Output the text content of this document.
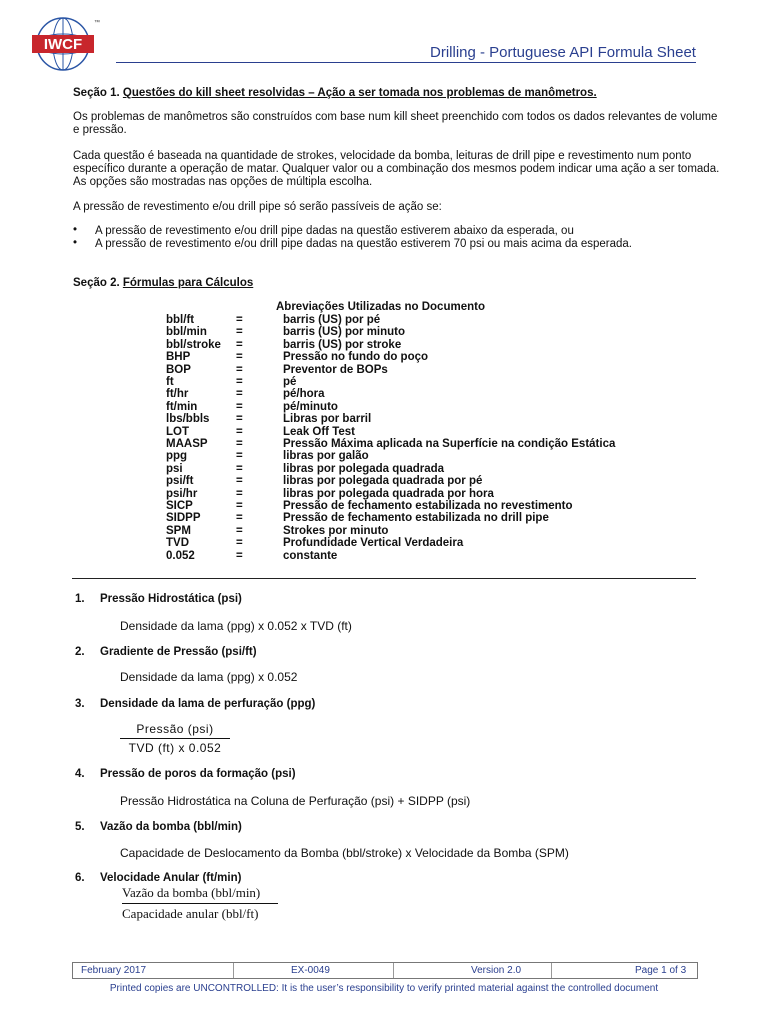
IWCF
™
Drilling - Portuguese API Formula Sheet
Seção 1. Questões do kill sheet resolvidas – Ação a ser tomada nos problemas de manômetros.
Os problemas de manômetros são construídos com base num kill sheet preenchido com todos os dados relevantes de volume e pressão.
Cada questão é baseada na quantidade de strokes, velocidade da bomba, leituras de drill pipe e revestimento num ponto específico durante a operação de matar. Qualquer valor ou a combinação dos mesmos podem indicar uma ação a ser tomada. As opções são mostradas nas opções de múltipla escolha.
A pressão de revestimento e/ou drill pipe só serão passíveis de ação se:
• A pressão de revestimento e/ou drill pipe dadas na questão estiverem abaixo da esperada, ou
• A pressão de revestimento e/ou drill pipe dadas na questão estiverem 70 psi ou mais acima da esperada.
Seção 2. Fórmulas para Cálculos
Abreviações Utilizadas no Documento
bbl/ft	=	barris (US) por pé
bbl/min	=	barris (US) por minuto
bbl/stroke =	barris (US) por stroke
BHP	=	Pressão no fundo do poço
BOP	=	Preventor de BOPs
ft	=	pé
ft/hr	=	pé/hora
ft/min	=	pé/minuto
lbs/bbls =	Libras por barril
LOT	=	Leak Off Test
MAASP =	Pressão Máxima aplicada na Superfície na condição Estática
ppg	=	libras por galão
psi	=	libras por polegada quadrada
psi/ft	=	libras por polegada quadrada por pé
psi/hr	=	libras por polegada quadrada por hora
SICP	=	Pressão de fechamento estabilizada no revestimento
SIDPP	=	Pressão de fechamento estabilizada no drill pipe
SPM	=	Strokes por minuto
TVD	=	Profundidade Vertical Verdadeira
0.052	=	constante
1. Pressão Hidrostática (psi)
Densidade da lama (ppg) x 0.052 x TVD (ft)
2. Gradiente de Pressão (psi/ft)
Densidade da lama (ppg) x 0.052
3. Densidade da lama de perfuração (ppg)
Pressão (psi)
TVD (ft) x 0.052
4. Pressão de poros da formação (psi)
Pressão Hidrostática na Coluna de Perfuração (psi) + SIDPP (psi)
5. Vazão da bomba (bbl/min)
Capacidade de Deslocamento da Bomba (bbl/stroke) x Velocidade da Bomba (SPM)
6. Velocidade Anular (ft/min)
Vazão da bomba (bbl/min)
Capacidade anular (bbl/ft)
February 2017	EX-0049	Version 2.0	Page 1 of 3
Printed copies are UNCONTROLLED: It is the user’s responsibility to verify printed material against the controlled document
